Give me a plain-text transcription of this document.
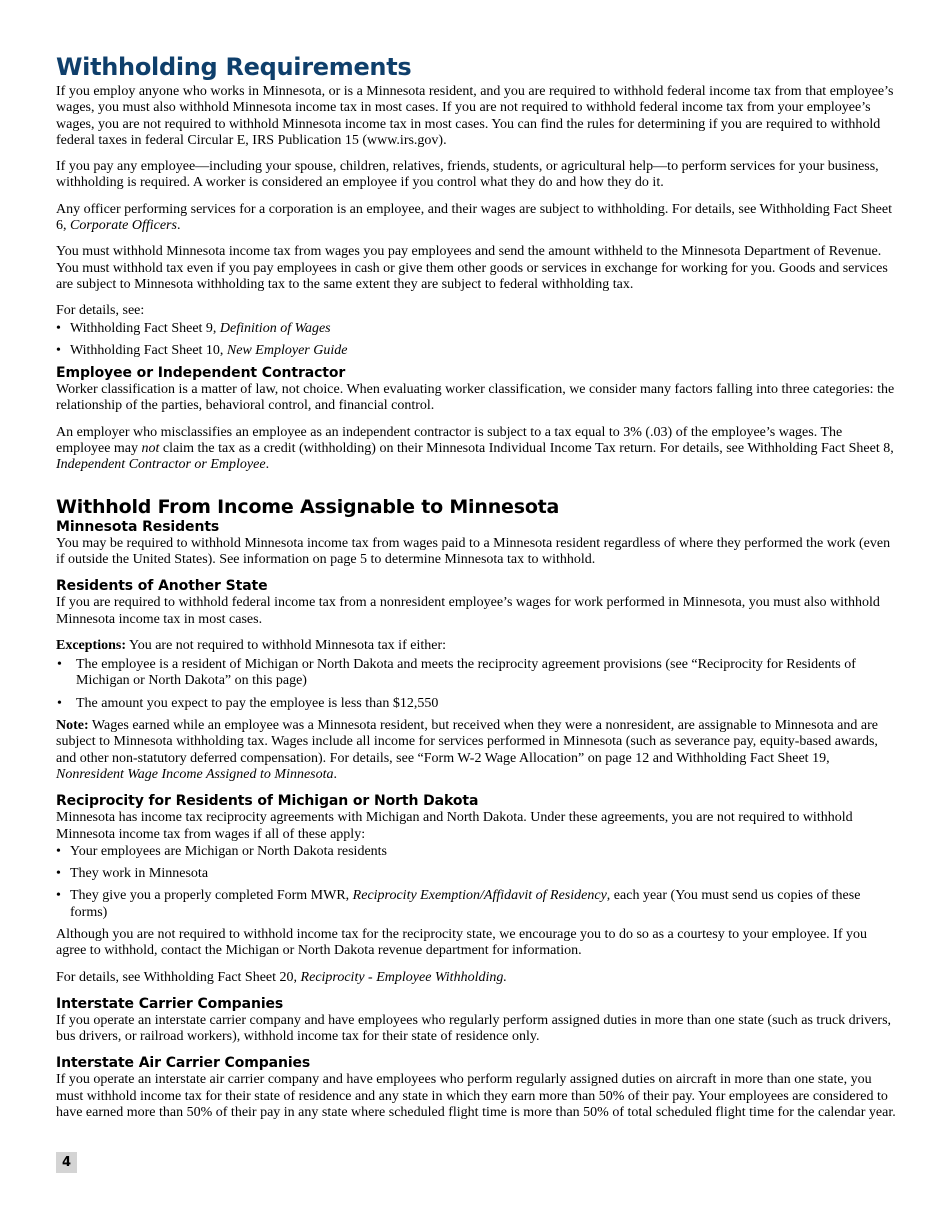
Withholding Requirements

If you employ anyone who works in Minnesota, or is a Minnesota resident, and you are required to withhold federal income tax from that employee’s wages, you must also withhold Minnesota income tax in most cases. If you are not required to withhold federal income tax from your employee’s wages, you are not required to withhold Minnesota income tax in most cases. You can find the rules for determining if you are required to withhold federal taxes in federal Circular E, IRS Publication 15 (www.irs.gov).

If you pay any employee—including your spouse, children, relatives, friends, students, or agricultural help—to perform services for your business, withholding is required. A worker is considered an employee if you control what they do and how they do it.

Any officer performing services for a corporation is an employee, and their wages are subject to withholding. For details, see Withholding Fact Sheet 6, Corporate Officers.

You must withhold Minnesota income tax from wages you pay employees and send the amount withheld to the Minnesota Department of Revenue. You must withhold tax even if you pay employees in cash or give them other goods or services in exchange for working for you. Goods and services are subject to Minnesota withholding tax to the same extent they are subject to federal withholding tax.

For details, see:

• Withholding Fact Sheet 9, Definition of Wages
• Withholding Fact Sheet 10, New Employer Guide
Employee or Independent Contractor

Worker classification is a matter of law, not choice. When evaluating worker classification, we consider many factors falling into three categories: the relationship of the parties, behavioral control, and financial control.

An employer who misclassifies an employee as an independent contractor is subject to a tax equal to 3% (.03) of the employee’s wages. The employee may not claim the tax as a credit (withholding) on their Minnesota Individual Income Tax return. For details, see Withholding Fact Sheet 8, Independent Contractor or Employee.

Withhold From Income Assignable to Minnesota
Minnesota Residents

You may be required to withhold Minnesota income tax from wages paid to a Minnesota resident regardless of where they performed the work (even if outside the United States). See information on page 5 to determine Minnesota tax to withhold.

Residents of Another State

If you are required to withhold federal income tax from a nonresident employee’s wages for work performed in Minnesota, you must also withhold Minnesota income tax in most cases.

Exceptions: You are not required to withhold Minnesota tax if either:

• The employee is a resident of Michigan or North Dakota and meets the reciprocity agreement provisions (see “Reciprocity for Residents of Michigan or North Dakota” on this page)
• The amount you expect to pay the employee is less than $12,550

Note: Wages earned while an employee was a Minnesota resident, but received when they were a nonresident, are assignable to Minnesota and are subject to Minnesota withholding tax. Wages include all income for services performed in Minnesota (such as severance pay, equity-based awards, and other non-statutory deferred compensation). For details, see “Form W-2 Wage Allocation” on page 12 and Withholding Fact Sheet 19, Nonresident Wage Income Assigned to Minnesota.

Reciprocity for Residents of Michigan or North Dakota

Minnesota has income tax reciprocity agreements with Michigan and North Dakota. Under these agreements, you are not required to withhold Minnesota income tax from wages if all of these apply:

• Your employees are Michigan or North Dakota residents
• They work in Minnesota
• They give you a properly completed Form MWR, Reciprocity Exemption/Affidavit of Residency, each year (You must send us copies of these forms)

Although you are not required to withhold income tax for the reciprocity state, we encourage you to do so as a courtesy to your employee. If you agree to withhold, contact the Michigan or North Dakota revenue department for information.

For details, see Withholding Fact Sheet 20, Reciprocity - Employee Withholding.

Interstate Carrier Companies

If you operate an interstate carrier company and have employees who regularly perform assigned duties in more than one state (such as truck drivers, bus drivers, or railroad workers), withhold income tax for their state of residence only.

Interstate Air Carrier Companies

If you operate an interstate air carrier company and have employees who perform regularly assigned duties on aircraft in more than one state, you must withhold income tax for their state of residence and any state in which they earn more than 50% of their pay. Your employees are considered to have earned more than 50% of their pay in any state where scheduled flight time is more than 50% of total scheduled flight time for the calendar year.

4
